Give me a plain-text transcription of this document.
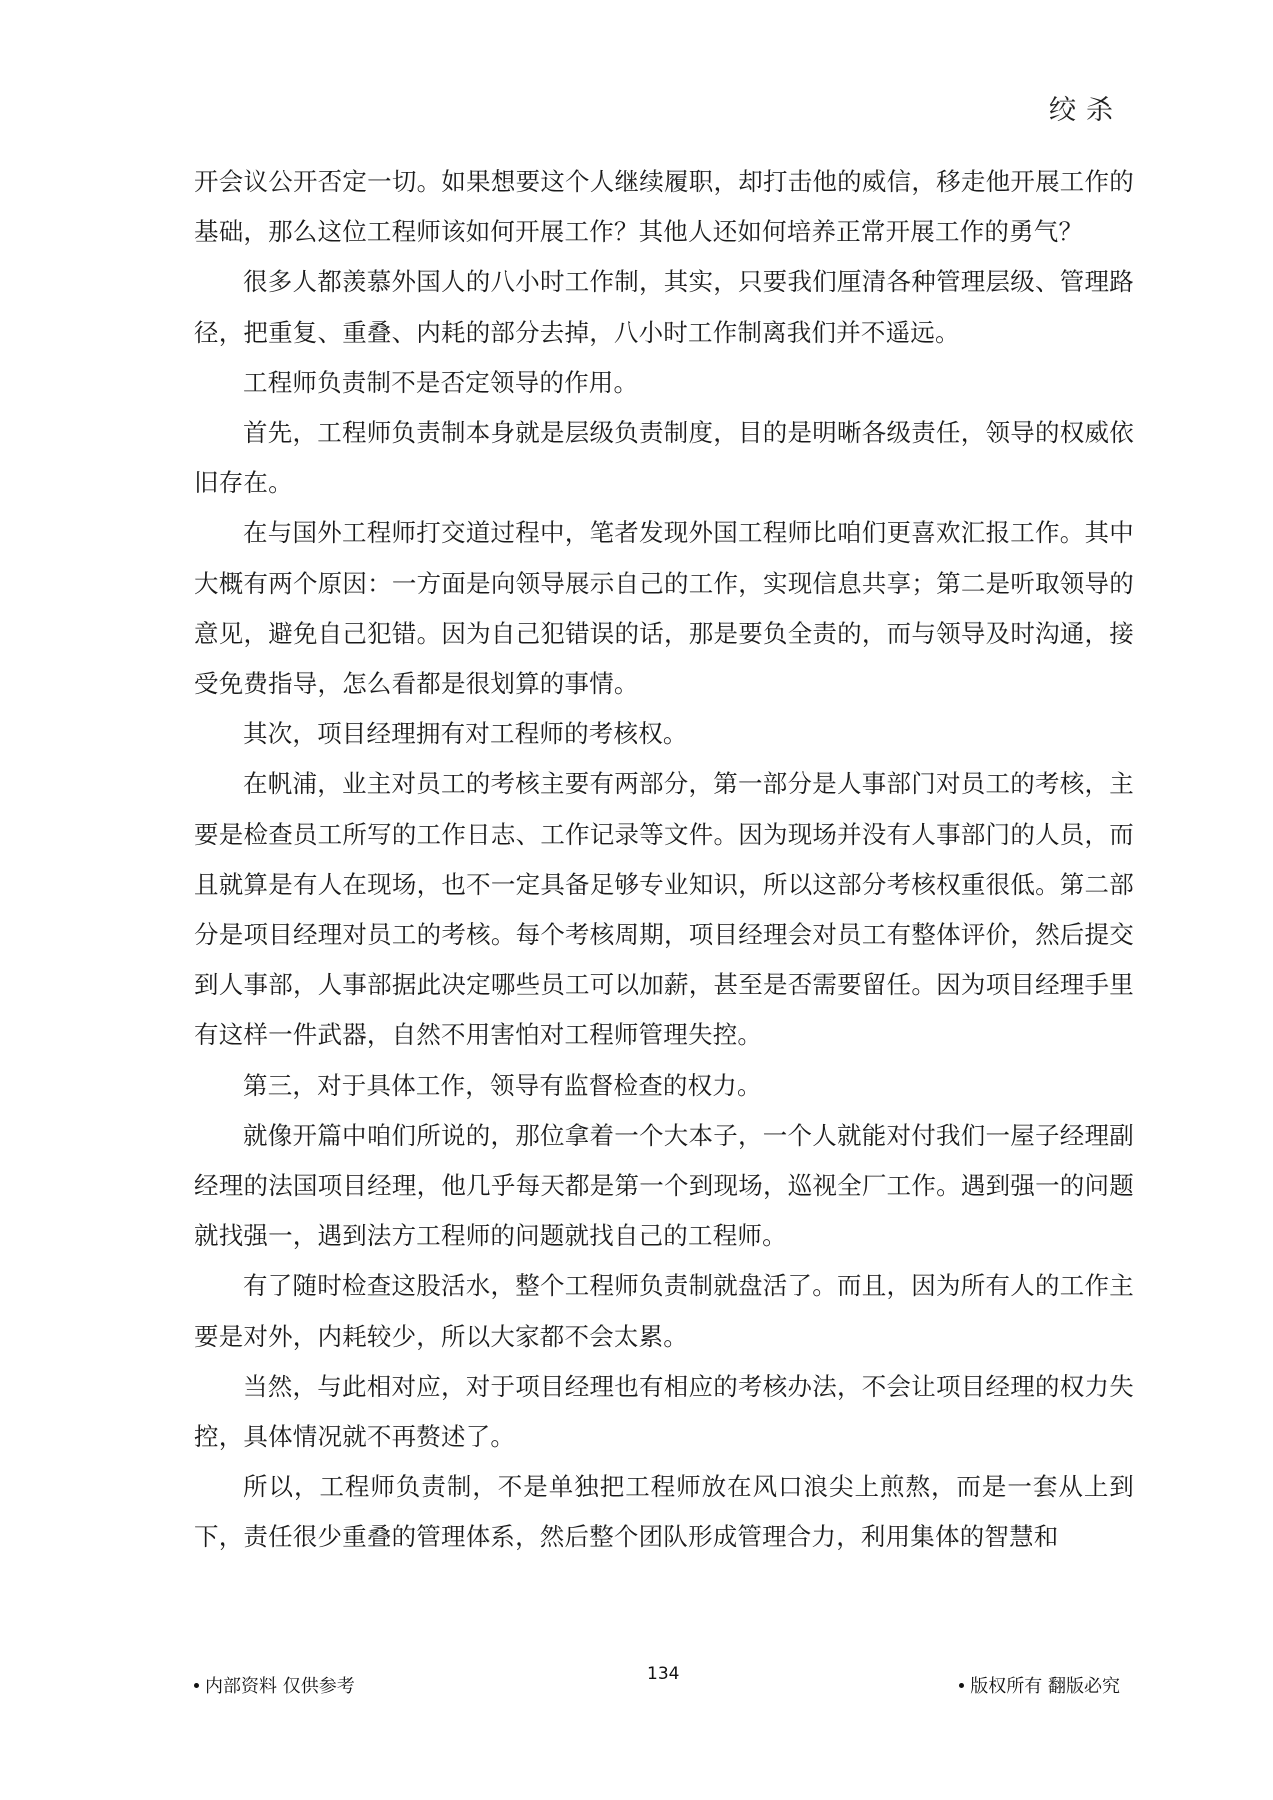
绞杀

开会议公开否定一切。如果想要这个人继续履职，却打击他的威信，移走他开展工作的基础，那么这位工程师该如何开展工作？其他人还如何培养正常开展工作的勇气？

很多人都羡慕外国人的八小时工作制，其实，只要我们厘清各种管理层级、管理路径，把重复、重叠、内耗的部分去掉，八小时工作制离我们并不遥远。

工程师负责制不是否定领导的作用。

首先，工程师负责制本身就是层级负责制度，目的是明晰各级责任，领导的权威依旧存在。

在与国外工程师打交道过程中，笔者发现外国工程师比咱们更喜欢汇报工作。其中大概有两个原因：一方面是向领导展示自己的工作，实现信息共享；第二是听取领导的意见，避免自己犯错。因为自己犯错误的话，那是要负全责的，而与领导及时沟通，接受免费指导，怎么看都是很划算的事情。

其次，项目经理拥有对工程师的考核权。

在帆浦，业主对员工的考核主要有两部分，第一部分是人事部门对员工的考核，主要是检查员工所写的工作日志、工作记录等文件。因为现场并没有人事部门的人员，而且就算是有人在现场，也不一定具备足够专业知识，所以这部分考核权重很低。第二部分是项目经理对员工的考核。每个考核周期，项目经理会对员工有整体评价，然后提交到人事部，人事部据此决定哪些员工可以加薪，甚至是否需要留任。因为项目经理手里有这样一件武器，自然不用害怕对工程师管理失控。

第三，对于具体工作，领导有监督检查的权力。

就像开篇中咱们所说的，那位拿着一个大本子，一个人就能对付我们一屋子经理副经理的法国项目经理，他几乎每天都是第一个到现场，巡视全厂工作。遇到强一的问题就找强一，遇到法方工程师的问题就找自己的工程师。

有了随时检查这股活水，整个工程师负责制就盘活了。而且，因为所有人的工作主要是对外，内耗较少，所以大家都不会太累。

当然，与此相对应，对于项目经理也有相应的考核办法，不会让项目经理的权力失控，具体情况就不再赘述了。

所以，工程师负责制，不是单独把工程师放在风口浪尖上煎熬，而是一套从上到下，责任很少重叠的管理体系，然后整个团队形成管理合力，利用集体的智慧和

内部资料 仅供参考
134
版权所有 翻版必究
